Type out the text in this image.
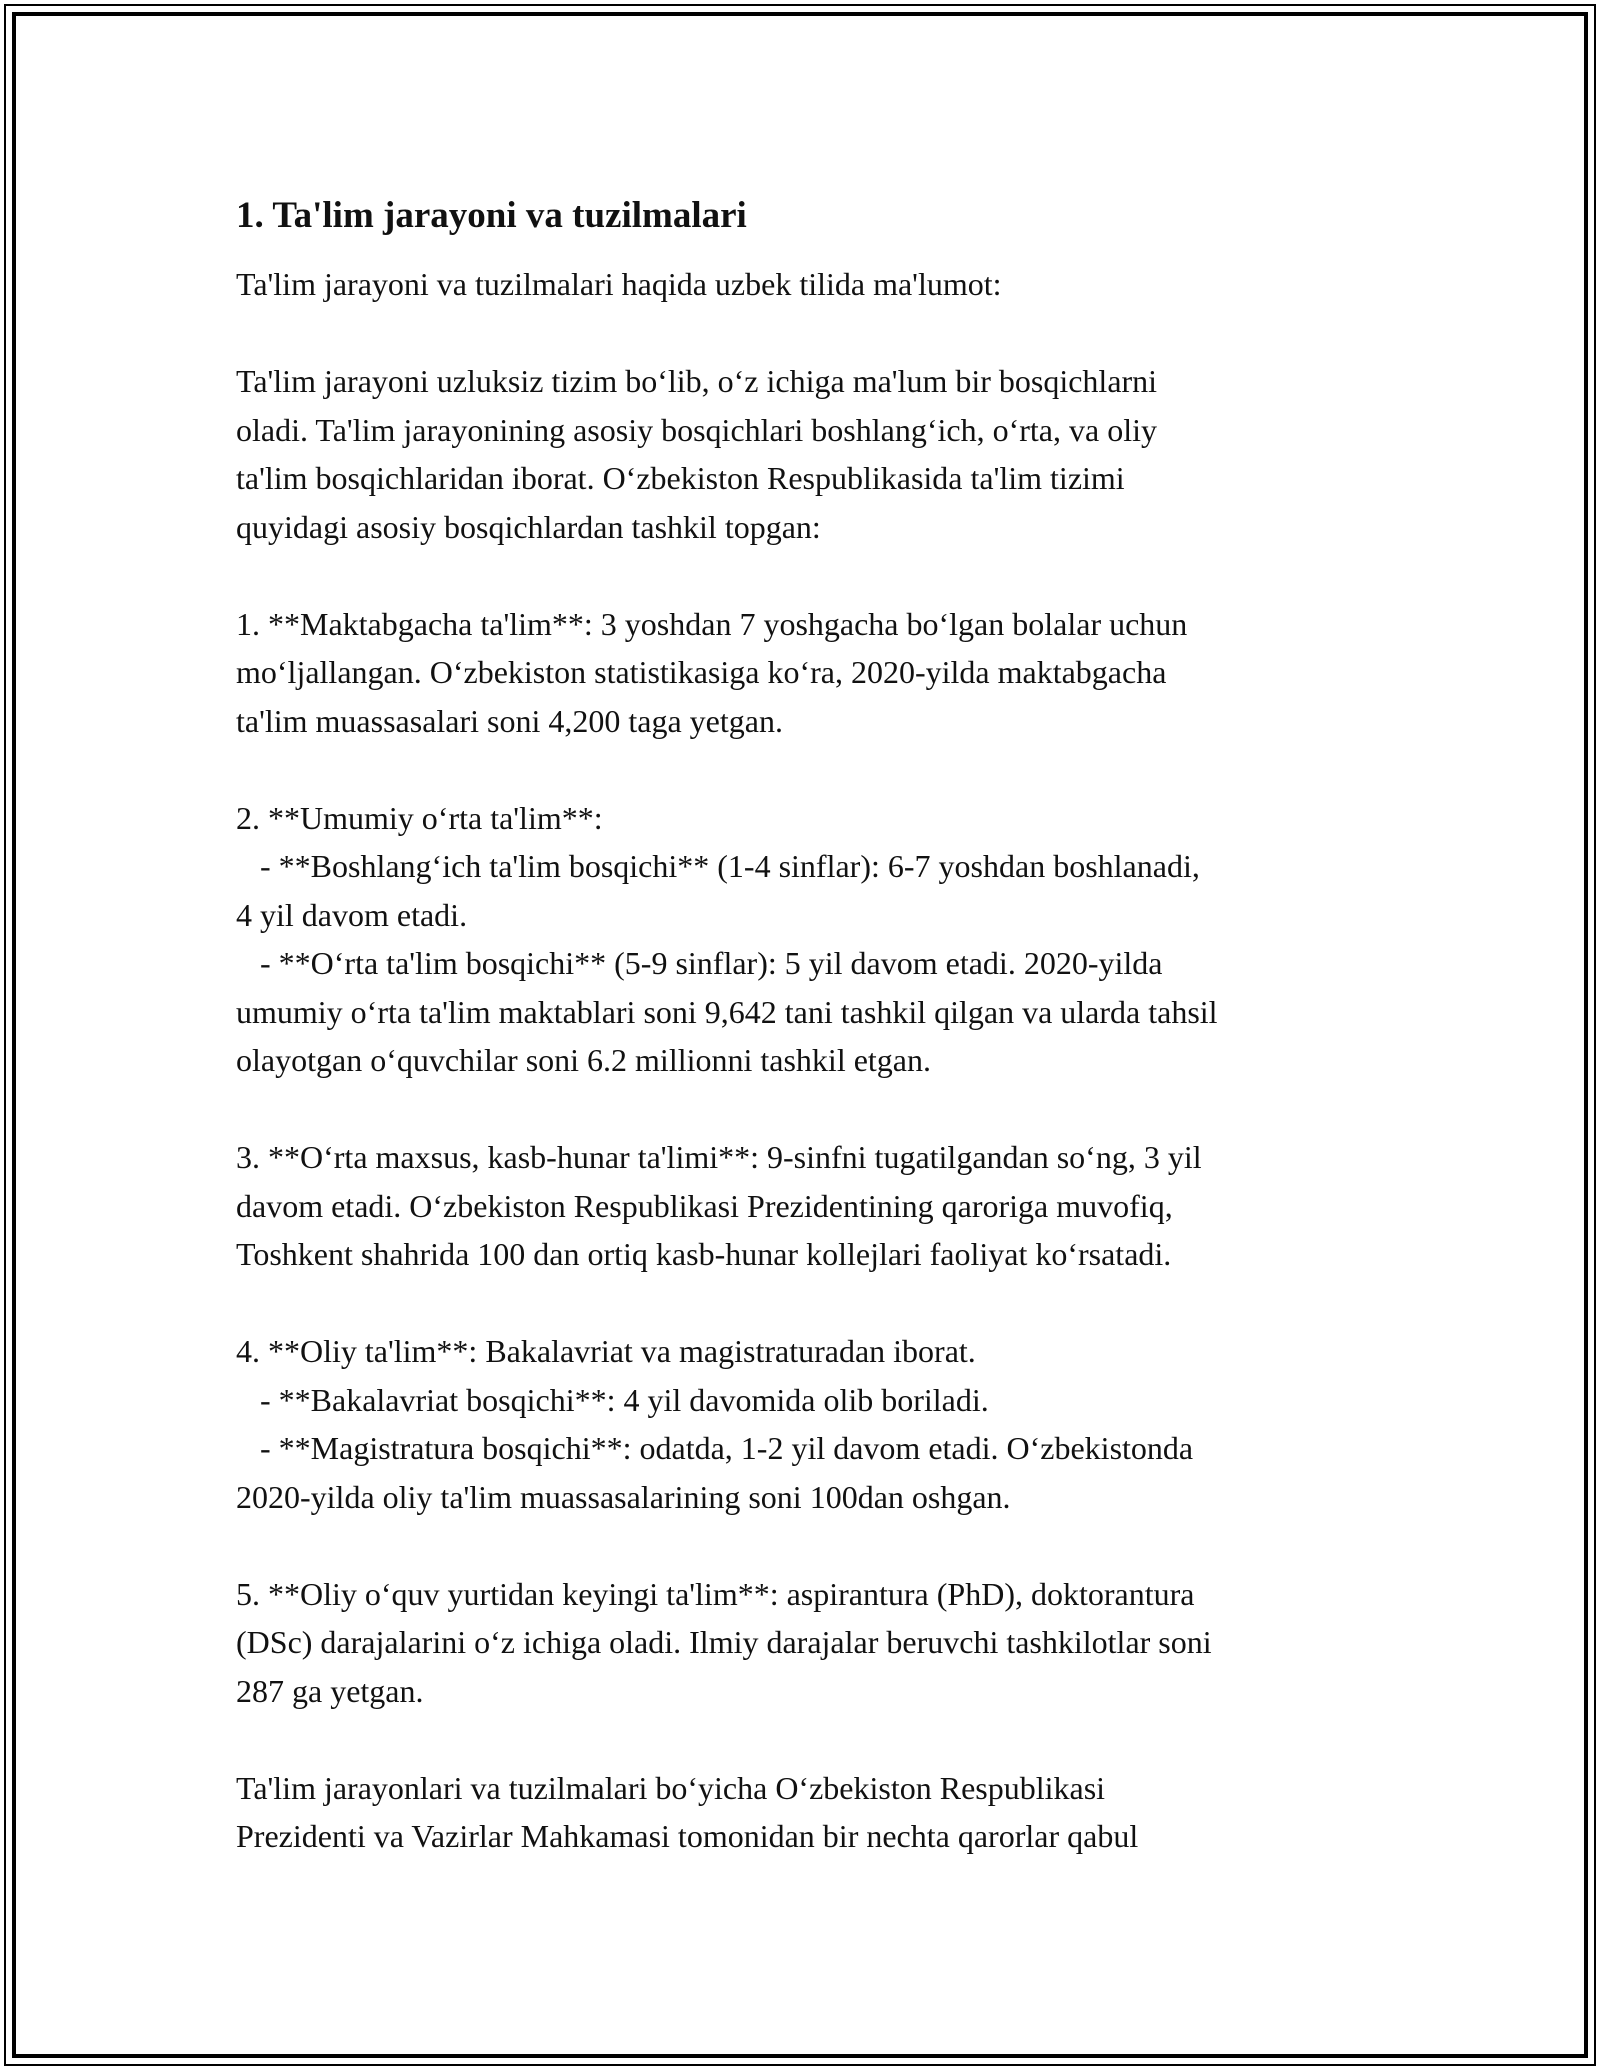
1. Ta'lim jarayoni va tuzilmalari

Ta'lim jarayoni va tuzilmalari haqida uzbek tilida ma'lumot:

Ta'lim jarayoni uzluksiz tizim boʻlib, oʻz ichiga ma'lum bir bosqichlarni
oladi. Ta'lim jarayonining asosiy bosqichlari boshlangʻich, oʻrta, va oliy
ta'lim bosqichlaridan iborat. Oʻzbekiston Respublikasida ta'lim tizimi
quyidagi asosiy bosqichlardan tashkil topgan:

1. **Maktabgacha ta'lim**: 3 yoshdan 7 yoshgacha boʻlgan bolalar uchun
moʻljallangan. Oʻzbekiston statistikasiga koʻra, 2020-yilda maktabgacha
ta'lim muassasalari soni 4,200 taga yetgan.

2. **Umumiy oʻrta ta'lim**:
- **Boshlangʻich ta'lim bosqichi** (1-4 sinflar): 6-7 yoshdan boshlanadi,
4 yil davom etadi.
- **Oʻrta ta'lim bosqichi** (5-9 sinflar): 5 yil davom etadi. 2020-yilda
umumiy oʻrta ta'lim maktablari soni 9,642 tani tashkil qilgan va ularda tahsil
olayotgan oʻquvchilar soni 6.2 millionni tashkil etgan.

3. **Oʻrta maxsus, kasb-hunar ta'limi**: 9-sinfni tugatilgandan soʻng, 3 yil
davom etadi. Oʻzbekiston Respublikasi Prezidentining qaroriga muvofiq,
Toshkent shahrida 100 dan ortiq kasb-hunar kollejlari faoliyat koʻrsatadi.

4. **Oliy ta'lim**: Bakalavriat va magistraturadan iborat.
- **Bakalavriat bosqichi**: 4 yil davomida olib boriladi.
- **Magistratura bosqichi**: odatda, 1-2 yil davom etadi. Oʻzbekistonda
2020-yilda oliy ta'lim muassasalarining soni 100dan oshgan.

5. **Oliy oʻquv yurtidan keyingi ta'lim**: aspirantura (PhD), doktorantura
(DSc) darajalarini oʻz ichiga oladi. Ilmiy darajalar beruvchi tashkilotlar soni
287 ga yetgan.

Ta'lim jarayonlari va tuzilmalari boʻyicha Oʻzbekiston Respublikasi
Prezidenti va Vazirlar Mahkamasi tomonidan bir nechta qarorlar qabul
